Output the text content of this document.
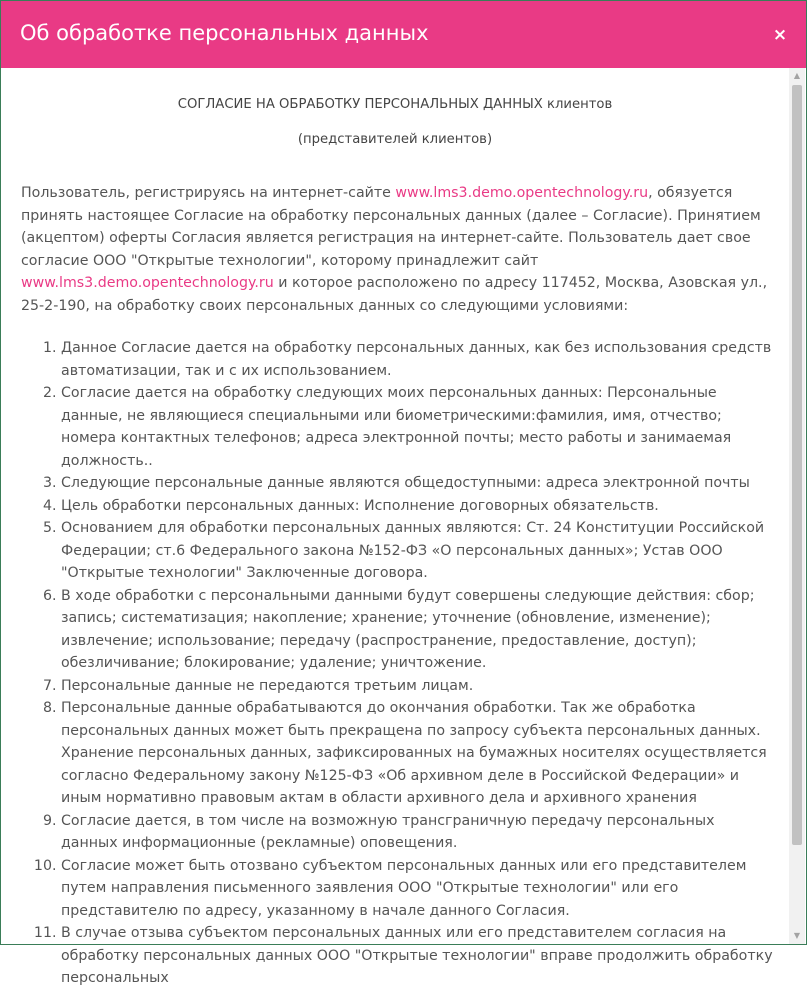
Об обработке персональных данных	×

СОГЛАСИЕ НА ОБРАБОТКУ ПЕРСОНАЛЬНЫХ ДАННЫХ клиентов

(представителей клиентов)

Пользователь, регистрируясь на интернет-сайте www.lms3.demo.opentechnology.ru, обязуется принять настоящее Согласие на обработку персональных данных (далее – Согласие). Принятием (акцептом) оферты Согласия является регистрация на интернет-сайте. Пользователь дает свое согласие ООО "Открытые технологии", которому принадлежит сайт www.lms3.demo.opentechnology.ru и которое расположено по адресу 117452, Москва, Азовская ул., 25-2-190, на обработку своих персональных данных со следующими условиями:

1. Данное Согласие дается на обработку персональных данных, как без использования средств автоматизации, так и с их использованием.
2. Согласие дается на обработку следующих моих персональных данных: Персональные данные, не являющиеся специальными или биометрическими:фамилия, имя, отчество; номера контактных телефонов; адреса электронной почты; место работы и занимаемая должность..
3. Следующие персональные данные являются общедоступными: адреса электронной почты
4. Цель обработки персональных данных: Исполнение договорных обязательств.
5. Основанием для обработки персональных данных являются: Ст. 24 Конституции Российской Федерации; ст.6 Федерального закона №152-ФЗ «О персональных данных»; Устав ООО "Открытые технологии" Заключенные договора.
6. В ходе обработки с персональными данными будут совершены следующие действия: сбор; запись; систематизация; накопление; хранение; уточнение (обновление, изменение); извлечение; использование; передачу (распространение, предоставление, доступ); обезличивание; блокирование; удаление; уничтожение.
7. Персональные данные не передаются третьим лицам.
8. Персональные данные обрабатываются до окончания обработки. Так же обработка персональных данных может быть прекращена по запросу субъекта персональных данных. Хранение персональных данных, зафиксированных на бумажных носителях осуществляется согласно Федеральному закону №125-ФЗ «Об архивном деле в Российской Федерации» и иным нормативно правовым актам в области архивного дела и архивного хранения
9. Согласие дается, в том числе на возможную трансграничную передачу персональных данных информационные (рекламные) оповещения.
10. Согласие может быть отозвано субъектом персональных данных или его представителем путем направления письменного заявления ООО "Открытые технологии" или его представителю по адресу, указанному в начале данного Согласия.
11. В случае отзыва субъектом персональных данных или его представителем согласия на обработку персональных данных ООО "Открытые технологии" вправе продолжить обработку персональных
▲
▼
